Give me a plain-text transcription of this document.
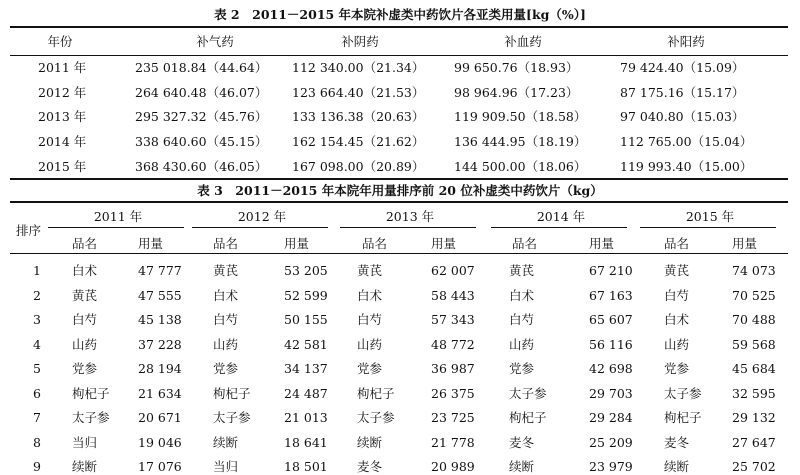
表 2　2011－2015 年本院补虚类中药饮片各亚类用量[kg（%）]
年份	补气药	补阴药	补血药	补阳药
2011 年	235 018.84（44.64） 112 340.00（21.34） 99 650.76（18.93）	79 424.40（15.09）
2012 年	264 640.48（46.07） 123 664.40（21.53） 98 964.96（17.23）	87 175.16（15.17）
2013 年	295 327.32（45.76） 133 136.38（20.63） 119 909.50（18.58）	97 040.80（15.03）
2014 年	338 640.60（45.15） 162 154.45（21.62） 136 444.95（18.19）	112 765.00（15.04）
2015 年	368 430.60（46.05） 167 098.00（20.89） 144 500.00（18.06）	119 993.40（15.00）
表 3　2011－2015 年本院年用量排序前 20 位补虚类中药饮片（kg）
排序
2011 年	2012 年	2013 年	2014 年	2015 年
品名	用量	品名	用量	品名	用量	品名	用量	品名	用量
1 白术	47 777	黄芪	53 205 黄芪	62 007	黄芪	67 210	黄芪	74 073
2 黄芪	47 555	白术	52 599 白术	58 443	白术	67 163	白芍	70 525
3 白芍	45 138	白芍	50 155 白芍	57 343	白芍	65 607	白术	70 488
4 山药	37 228	山药	42 581 山药	48 772	山药	56 116	山药	59 568
5 党参	28 194	党参	34 137 党参	36 987	党参	42 698	党参	45 684
6 枸杞子 21 634	枸杞子	24 487 枸杞子	26 375	太子参	29 703	太子参 32 595
7 太子参 20 671	太子参	21 013 太子参	23 725	枸杞子	29 284	枸杞子 29 132
8 当归	19 046	续断	18 641 续断	21 778	麦冬	25 209	麦冬	27 647
9 续断	17 076	当归	18 501 麦冬	20 989	续断	23 979	续断	25 702
